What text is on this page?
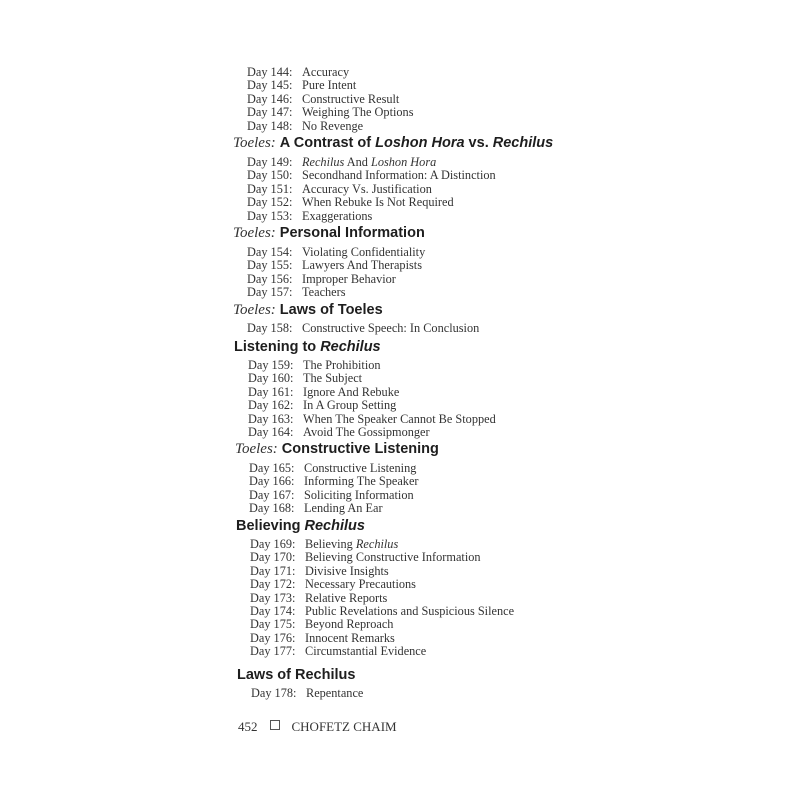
Day 144: Accuracy
Day 145: Pure Intent
Day 146: Constructive Result
Day 147: Weighing The Options
Day 148: No Revenge
Toeles: A Contrast of Loshon Hora vs. Rechilus
Day 149: Rechilus And Loshon Hora
Day 150: Secondhand Information: A Distinction
Day 151: Accuracy Vs. Justification
Day 152: When Rebuke Is Not Required
Day 153: Exaggerations
Toeles: Personal Information
Day 154: Violating Confidentiality
Day 155: Lawyers And Therapists
Day 156: Improper Behavior
Day 157: Teachers
Toeles: Laws of Toeles
Day 158: Constructive Speech: In Conclusion
Listening to Rechilus
Day 159: The Prohibition
Day 160: The Subject
Day 161: Ignore And Rebuke
Day 162: In A Group Setting
Day 163: When The Speaker Cannot Be Stopped
Day 164: Avoid The Gossipmonger
Toeles: Constructive Listening
Day 165: Constructive Listening
Day 166: Informing The Speaker
Day 167: Soliciting Information
Day 168: Lending An Ear
Believing Rechilus
Day 169: Believing Rechilus
Day 170: Believing Constructive Information
Day 171: Divisive Insights
Day 172: Necessary Precautions
Day 173: Relative Reports
Day 174: Public Revelations and Suspicious Silence
Day 175: Beyond Reproach
Day 176: Innocent Remarks
Day 177: Circumstantial Evidence
Laws of Rechilus
Day 178: Repentance
452	CHOFETZ CHAIM
